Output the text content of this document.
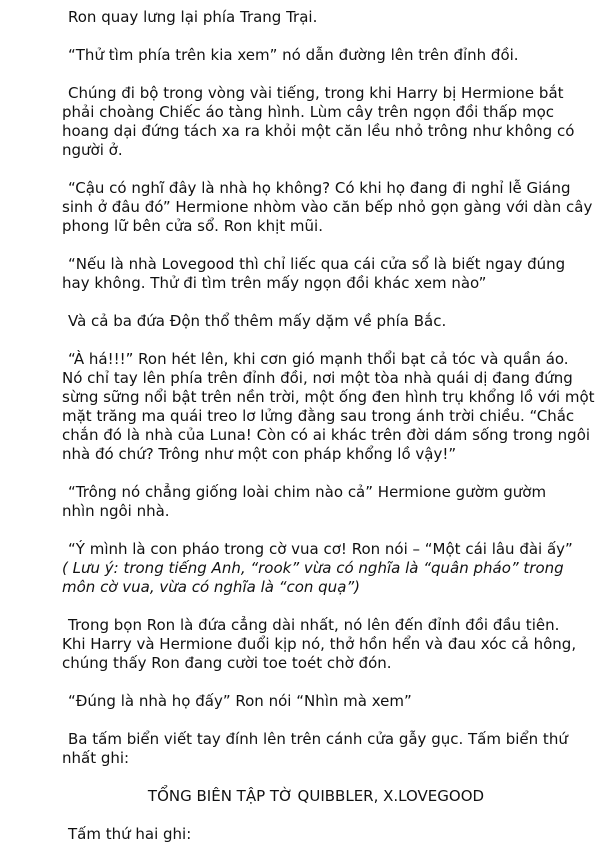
Ron quay lưng lại phía Trang Trại.
“Thử tìm phía trên kia xem” nó dẫn đường lên trên đỉnh đồi.
Chúng đi bộ trong vòng vài tiếng, trong khi Harry bị Hermione bắt
phải choàng Chiếc áo tàng hình. Lùm cây trên ngọn đồi thấp mọc
hoang dại đứng tách xa ra khỏi một căn lều nhỏ trông như không có
người ở.
“Cậu có nghĩ đây là nhà họ không? Có khi họ đang đi nghỉ lễ Giáng
sinh ở đâu đó” Hermione nhòm vào căn bếp nhỏ gọn gàng với dàn cây
phong lữ bên cửa sổ. Ron khịt mũi.
“Nếu là nhà Lovegood thì chỉ liếc qua cái cửa sổ là biết ngay đúng
hay không. Thử đi tìm trên mấy ngọn đồi khác xem nào”
Và cả ba đứa Độn thổ thêm mấy dặm về phía Bắc.
“À há!!!” Ron hét lên, khi cơn gió mạnh thổi bạt cả tóc và quần áo.
Nó chỉ tay lên phía trên đỉnh đồi, nơi một tòa nhà quái dị đang đứng
sừng sững nổi bật trên nền trời, một ống đen hình trụ khổng lồ với một
mặt trăng ma quái treo lơ lửng đằng sau trong ánh trời chiều. “Chắc
chắn đó là nhà của Luna! Còn có ai khác trên đời dám sống trong ngôi
nhà đó chứ? Trông như một con pháp khổng lồ vậy!”
“Trông nó chẳng giống loài chim nào cả” Hermione gườm gườm
nhìn ngôi nhà.
“Ý mình là con pháo trong cờ vua cơ! Ron nói – “Một cái lâu đài ấy”
( Lưu ý: trong tiếng Anh, “rook” vừa có nghĩa là “quân pháo” trong
môn cờ vua, vừa có nghĩa là “con quạ”)
Trong bọn Ron là đứa cẳng dài nhất, nó lên đến đỉnh đồi đầu tiên.
Khi Harry và Hermione đuổi kịp nó, thở hồn hển và đau xóc cả hông,
chúng thấy Ron đang cười toe toét chờ đón.
“Đúng là nhà họ đấy” Ron nói “Nhìn mà xem”
Ba tấm biển viết tay đính lên trên cánh cửa gẫy gục. Tấm biển thứ
nhất ghi:
TỔNG BIÊN TẬP TỜ QUIBBLER, X.LOVEGOOD
Tấm thứ hai ghi:
